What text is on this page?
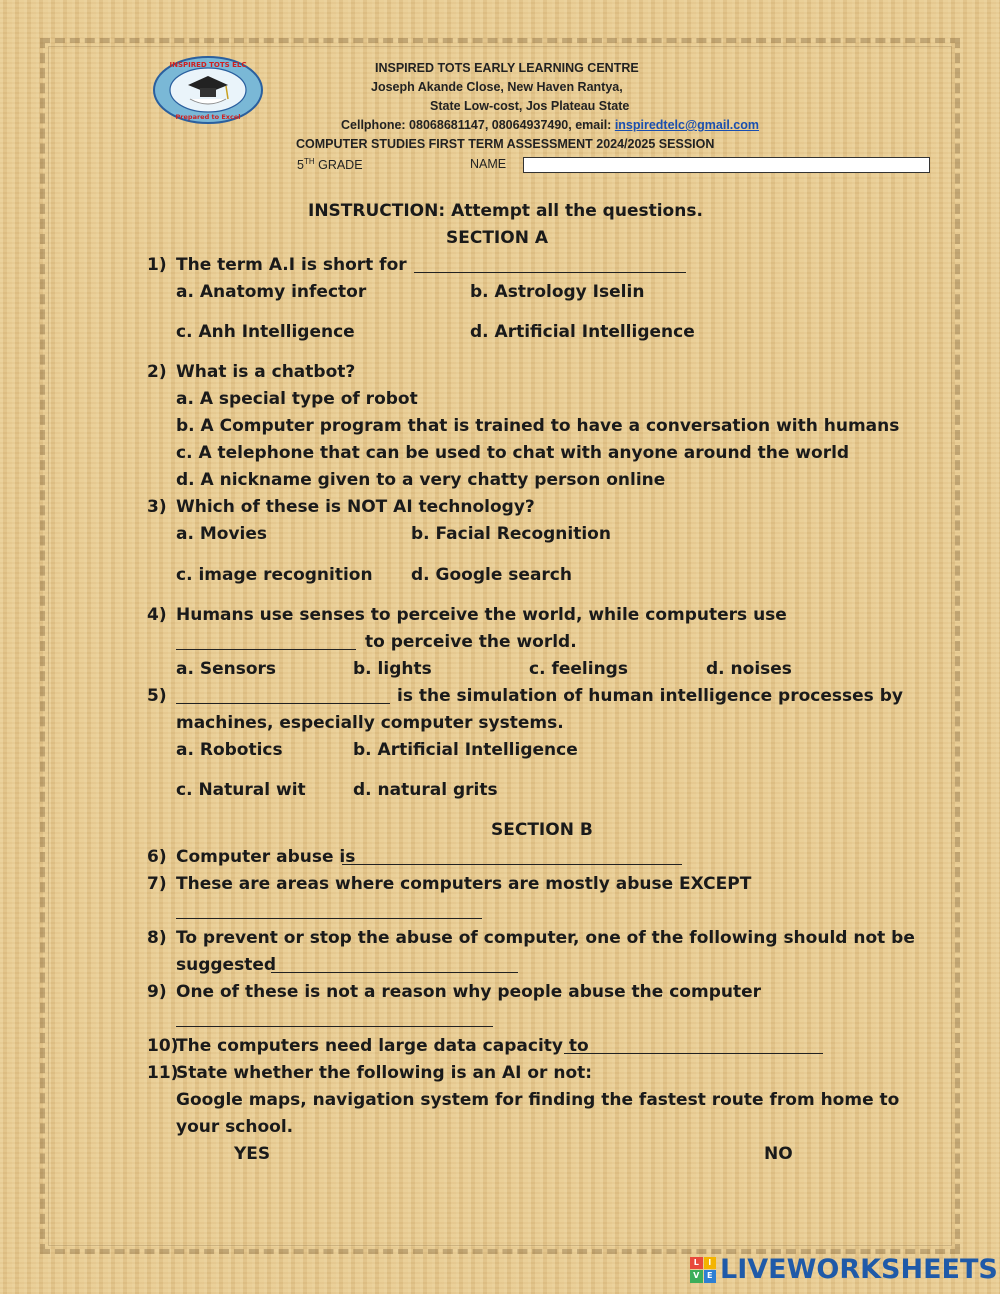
INSPIRED TOTS ELC
Prepared to Excel
INSPIRED TOTS EARLY LEARNING CENTRE
Joseph Akande Close, New Haven Rantya,
State Low-cost, Jos Plateau State
Cellphone: 08068681147, 08064937490, email: inspiredtelc@gmail.com
COMPUTER STUDIES FIRST TERM ASSESSMENT 2024/2025 SESSION
5TH GRADE	NAME
INSTRUCTION: Attempt all the questions.
SECTION A
1) The term A.I is short for
a. Anatomy infector	b. Astrology Iselin
c. Anh Intelligence	d. Artificial Intelligence
2) What is a chatbot?
a. A special type of robot
b. A Computer program that is trained to have a conversation with humans
c. A telephone that can be used to chat with anyone around the world
d. A nickname given to a very chatty person online
3) Which of these is NOT AI technology?
a. Movies	b. Facial Recognition
c. image recognition d. Google search
4) Humans use senses to perceive the world, while computers use
to perceive the world.
a. Sensors	b. lights	c. feelings	d. noises
5)	is the simulation of human intelligence processes by
machines, especially computer systems.
a. Robotics	b. Artificial Intelligence
c. Natural wit	d. natural grits
SECTION B
6) Computer abuse is
7) These are areas where computers are mostly abuse EXCEPT
8) To prevent or stop the abuse of computer, one of the following should not be
suggested
9) One of these is not a reason why people abuse the computer
10)
The computers need large data capacity to
11)
State whether the following is an AI or not:
Google maps, navigation system for finding the fastest route from home to
your school.
YES	NO
L	I
V E LIVEWORKSHEETS
